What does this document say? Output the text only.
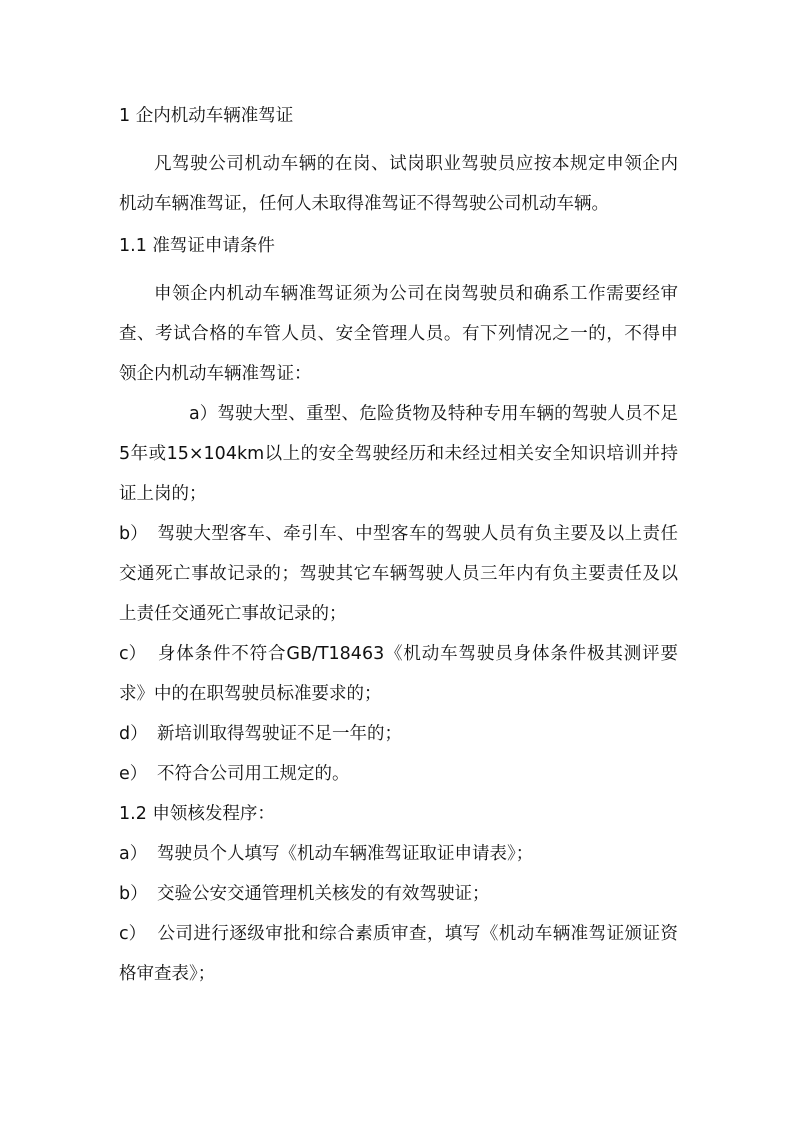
1 企内机动车辆准驾证

凡驾驶公司机动车辆的在岗、试岗职业驾驶员应按本规定申领企内机动车辆准驾证，任何人未取得准驾证不得驾驶公司机动车辆。

1.1 准驾证申请条件

申领企内机动车辆准驾证须为公司在岗驾驶员和确系工作需要经审查、考试合格的车管人员、安全管理人员。有下列情况之一的，不得申领企内机动车辆准驾证：

a）驾驶大型、重型、危险货物及特种专用车辆的驾驶人员不足5年或15×104km以上的安全驾驶经历和未经过相关安全知识培训并持证上岗的；

b） 驾驶大型客车、牵引车、中型客车的驾驶人员有负主要及以上责任交通死亡事故记录的；驾驶其它车辆驾驶人员三年内有负主要责任及以上责任交通死亡事故记录的；

c） 身体条件不符合GB/T18463《机动车驾驶员身体条件极其测评要求》中的在职驾驶员标准要求的；

d） 新培训取得驾驶证不足一年的；

e） 不符合公司用工规定的。

1.2 申领核发程序：

a） 驾驶员个人填写《机动车辆准驾证取证申请表》；

b） 交验公安交通管理机关核发的有效驾驶证；

c） 公司进行逐级审批和综合素质审查，填写《机动车辆准驾证颁证资格审查表》；
